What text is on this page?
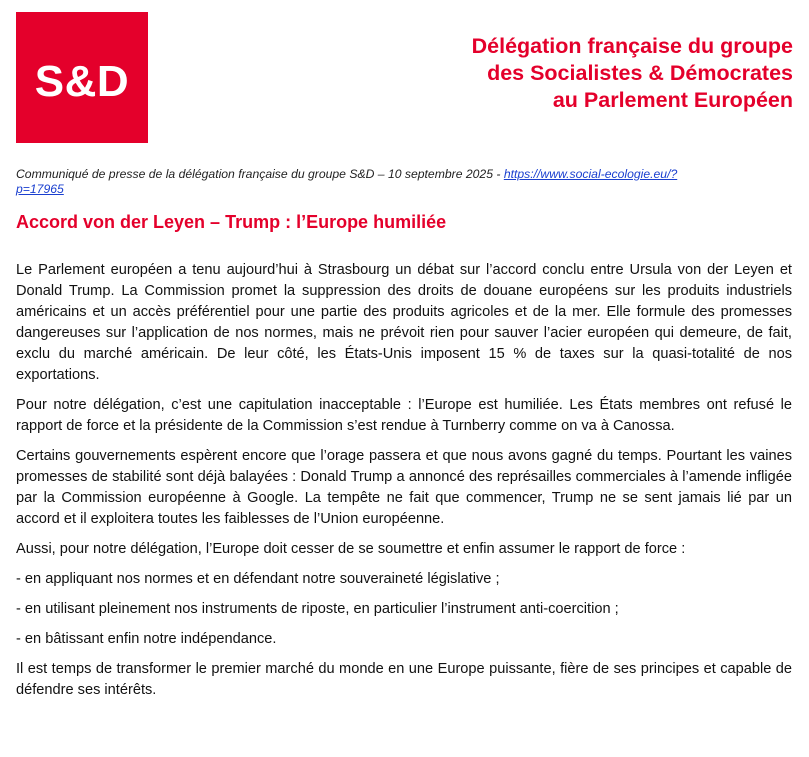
S&D
Délégation française du groupe
des Socialistes & Démocrates
au Parlement Européen
Communiqué de presse de la délégation française du groupe S&D – 10 septembre 2025 - https://www.social-ecologie.eu/?p=17965
Accord von der Leyen – Trump : l’Europe humiliée

Le Parlement européen a tenu aujourd’hui à Strasbourg un débat sur l’accord conclu entre Ursula von der Leyen et Donald Trump. La Commission promet la suppression des droits de douane européens sur les produits industriels américains et un accès préférentiel pour une partie des produits agricoles et de la mer. Elle formule des promesses dangereuses sur l’application de nos normes, mais ne prévoit rien pour sauver l’acier européen qui demeure, de fait, exclu du marché américain. De leur côté, les États-Unis imposent 15 % de taxes sur la quasi-totalité de nos exportations.

Pour notre délégation, c’est une capitulation inacceptable : l’Europe est humiliée. Les États membres ont refusé le rapport de force et la présidente de la Commission s’est rendue à Turnberry comme on va à Canossa.

Certains gouvernements espèrent encore que l’orage passera et que nous avons gagné du temps. Pourtant les vaines promesses de stabilité sont déjà balayées : Donald Trump a annoncé des représailles commerciales à l’amende infligée par la Commission européenne à Google. La tempête ne fait que commencer, Trump ne se sent jamais lié par un accord et il exploitera toutes les faiblesses de l’Union européenne.

Aussi, pour notre délégation, l’Europe doit cesser de se soumettre et enfin assumer le rapport de force :

- en appliquant nos normes et en défendant notre souveraineté législative ;

- en utilisant pleinement nos instruments de riposte, en particulier l’instrument anti-coercition ;

- en bâtissant enfin notre indépendance.

Il est temps de transformer le premier marché du monde en une Europe puissante, fière de ses principes et capable de défendre ses intérêts.
